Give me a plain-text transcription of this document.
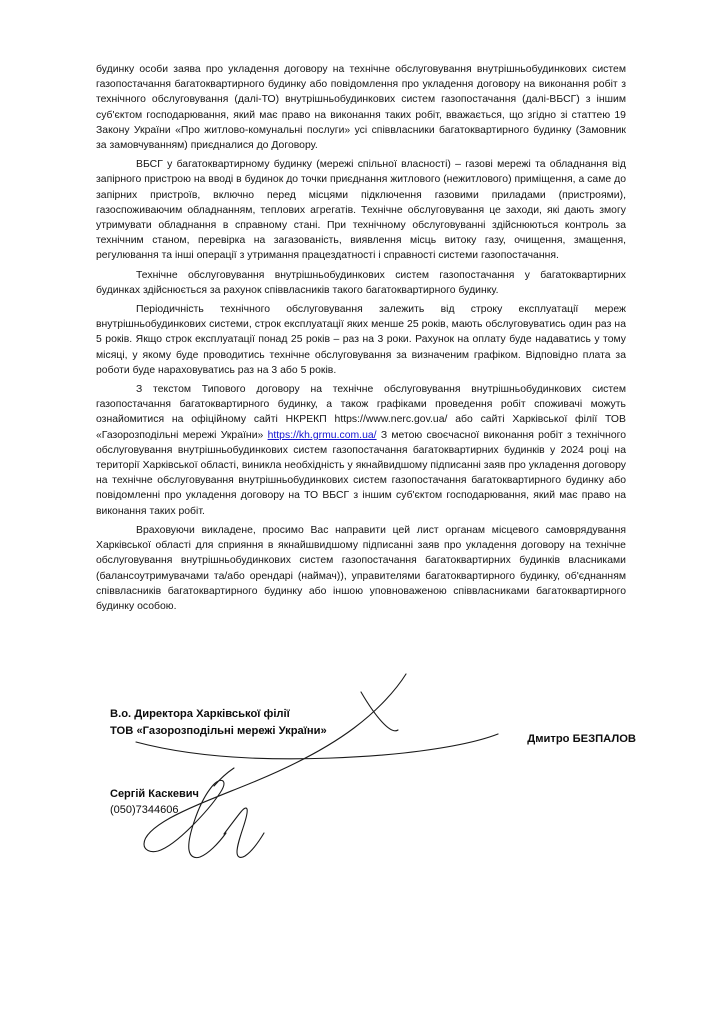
будинку особи заява про укладення договору на технічне обслуговування внутрішньобудинкових систем газопостачання багатоквартирного будинку або повідомлення про укладення договору на виконання робіт з технічного обслуговування (далі-ТО) внутрішньобудинкових систем газопостачання (далі-ВБСГ) з іншим суб'єктом господарювання, який має право на виконання таких робіт, вважається, що згідно зі статтею 19 Закону України «Про житлово-комунальні послуги» усі співвласники багатоквартирного будинку (Замовник за замовчуванням) приєдналися до Договору.

ВБСГ у багатоквартирному будинку (мережі спільної власності) – газові мережі та обладнання від запірного пристрою на вводі в будинок до точки приєднання житлового (нежитлового) приміщення, а саме до запірних пристроїв, включно перед місцями підключення газовими приладами (пристроями), газоспоживаючим обладнанням, теплових агрегатів. Технічне обслуговування це заходи, які дають змогу утримувати обладнання в справному стані. При технічному обслуговуванні здійснюються контроль за технічним станом, перевірка на загазованість, виявлення місць витоку газу, очищення, змащення, регулювання та інші операції з утримання працездатності і справності системи газопостачання.

Технічне обслуговування внутрішньобудинкових систем газопостачання у багатоквартирних будинках здійснюється за рахунок співвласників такого багатоквартирного будинку.

Періодичність технічного обслуговування залежить від строку експлуатації мереж внутрішньобудинкових системи, строк експлуатації яких менше 25 років, мають обслуговуватись один раз на 5 років. Якщо строк експлуатації понад 25 років – раз на 3 роки. Рахунок на оплату буде надаватись у тому місяці, у якому буде проводитись технічне обслуговування за визначеним графіком. Відповідно плата за роботи буде нараховуватись раз на 3 або 5 років.

З текстом Типового договору на технічне обслуговування внутрішньобудинкових систем газопостачання багатоквартирного будинку, а також графіками проведення робіт споживачі можуть ознайомитися на офіційному сайті НКРЕКП https://www.nerc.gov.ua/ або сайті Харківської філії ТОВ «Газорозподільні мережі України» https://kh.grmu.com.ua/ З метою своєчасної виконання робіт з технічного обслуговування внутрішньобудинкових систем газопостачання багатоквартирних будинків у 2024 році на території Харківської області, виникла необхідність у якнайвидшому підписанні заяв про укладення договору на технічне обслуговування внутрішньобудинкових систем газопостачання багатоквартирного будинку або повідомленні про укладення договору на ТО ВБСГ з іншим суб'єктом господарювання, який має право на виконання таких робіт.

Враховуючи викладене, просимо Вас направити цей лист органам місцевого самоврядування Харківської області для сприяння в якнайшвидшому підписанні заяв про укладення договору на технічне обслуговування внутрішньобудинкових систем газопостачання багатоквартирних будинків власниками (балансоутримувачами та/або орендарі (наймач)), управителями багатоквартирного будинку, об'єднанням співвласників багатоквартирного будинку або іншою уповноваженою співвласниками багатоквартирного будинку особою.

В.о. Директора Харківської філії
ТОВ «Газорозподільні мережі України»
Дмитро БЕЗПАЛОВ
Сергій Каскевич
(050)7344606
